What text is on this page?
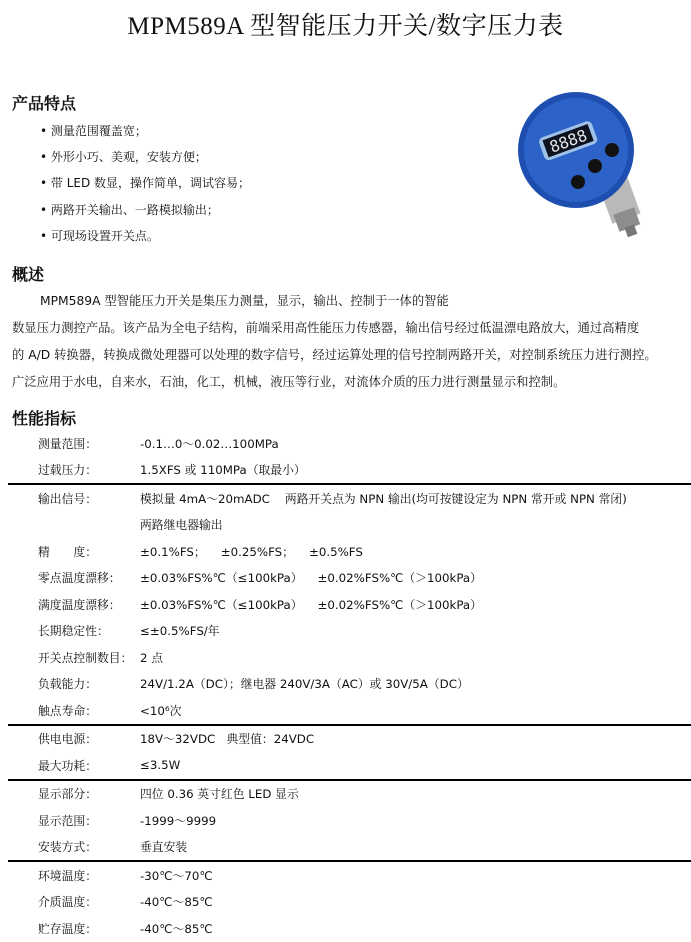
MPM589A 型智能压力开关/数字压力表
产品特点
• 测量范围覆盖宽；
• 外形小巧、美观，安装方便；
• 带 LED 数显，操作简单，调试容易；
• 两路开关输出、一路模拟输出；
• 可现场设置开关点。
8888
概述
MPM589A 型智能压力开关是集压力测量，显示，输出、控制于一体的智能
数显压力测控产品。该产品为全电子结构，前端采用高性能压力传感器，输出信号经过低温漂电路放大，通过高精度
的 A/D 转换器，转换成微处理器可以处理的数字信号，经过运算处理的信号控制两路开关，对控制系统压力进行测控。
广泛应用于水电，自来水，石油，化工，机械，液压等行业，对流体介质的压力进行测量显示和控制。
性能指标
测量范围：	-0.1…0～0.02…100MPa
过载压力：	1.5XFS 或 110MPa（取最小）
输出信号：	模拟量 4mA～20mADC    两路开关点为 NPN 输出(均可按键设定为 NPN 常开或 NPN 常闭)
两路继电器输出
精　　度：	±0.1%FS；    ±0.25%FS；    ±0.5%FS
零点温度漂移：	±0.03%FS%℃（≤100kPa）    ±0.02%FS%℃（＞100kPa）
满度温度漂移：	±0.03%FS%℃（≤100kPa）    ±0.02%FS%℃（＞100kPa）
长期稳定性：	≤±0.5%FS/年
开关点控制数目： 2 点
负载能力：	24V/1.2A（DC）；继电器 240V/3A（AC）或 30V/5A（DC）
触点寿命：	<10⁶次
供电电源：	18V～32VDC   典型值：24VDC
最大功耗：	≤3.5W
显示部分：	四位 0.36 英寸红色 LED 显示
显示范围：	-1999～9999
安装方式：	垂直安装
环境温度：	-30℃～70℃
介质温度：	-40℃～85℃
贮存温度：	-40℃～85℃
